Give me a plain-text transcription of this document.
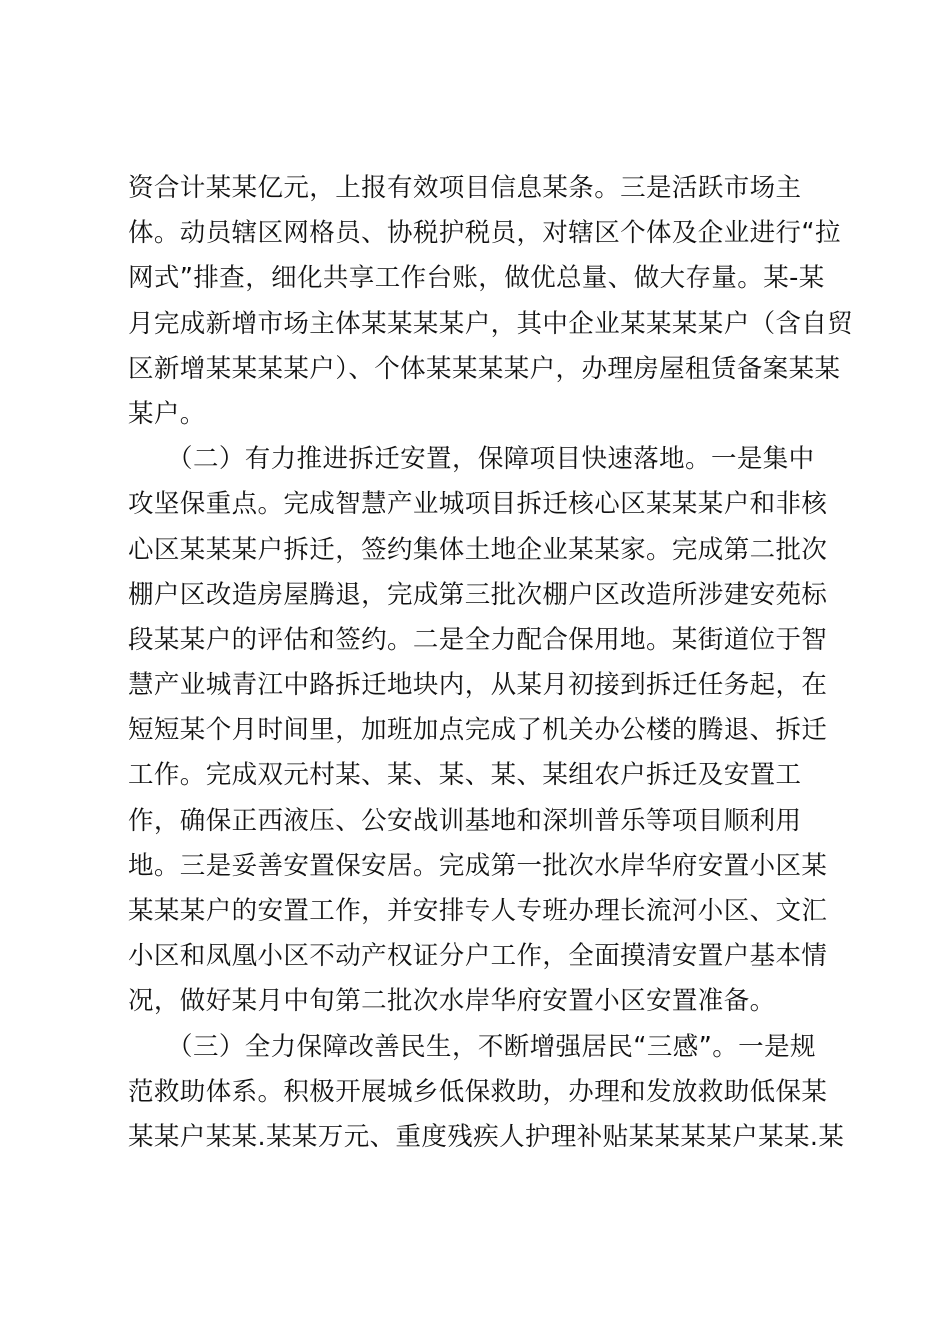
资合计某某亿元，上报有效项目信息某条。三是活跃市场主
体。动员辖区网格员、协税护税员，对辖区个体及企业进行“拉
网式”排查，细化共享工作台账，做优总量、做大存量。某-某
月完成新增市场主体某某某某户，其中企业某某某某户（含自贸
区新增某某某某户）、个体某某某某户，办理房屋租赁备案某某
某户。
　　（二）有力推进拆迁安置，保障项目快速落地。一是集中
攻坚保重点。完成智慧产业城项目拆迁核心区某某某户和非核
心区某某某户拆迁，签约集体土地企业某某家。完成第二批次
棚户区改造房屋腾退，完成第三批次棚户区改造所涉建安苑标
段某某户的评估和签约。二是全力配合保用地。某街道位于智
慧产业城青江中路拆迁地块内，从某月初接到拆迁任务起，在
短短某个月时间里，加班加点完成了机关办公楼的腾退、拆迁
工作。完成双元村某、某、某、某、某组农户拆迁及安置工
作，确保正西液压、公安战训基地和深圳普乐等项目顺利用
地。三是妥善安置保安居。完成第一批次水岸华府安置小区某
某某某户的安置工作，并安排专人专班办理长流河小区、文汇
小区和凤凰小区不动产权证分户工作，全面摸清安置户基本情
况，做好某月中旬第二批次水岸华府安置小区安置准备。
　　（三）全力保障改善民生，不断增强居民“三感”。一是规
范救助体系。积极开展城乡低保救助，办理和发放救助低保某
某某户某某.某某万元、重度残疾人护理补贴某某某某户某某.某
